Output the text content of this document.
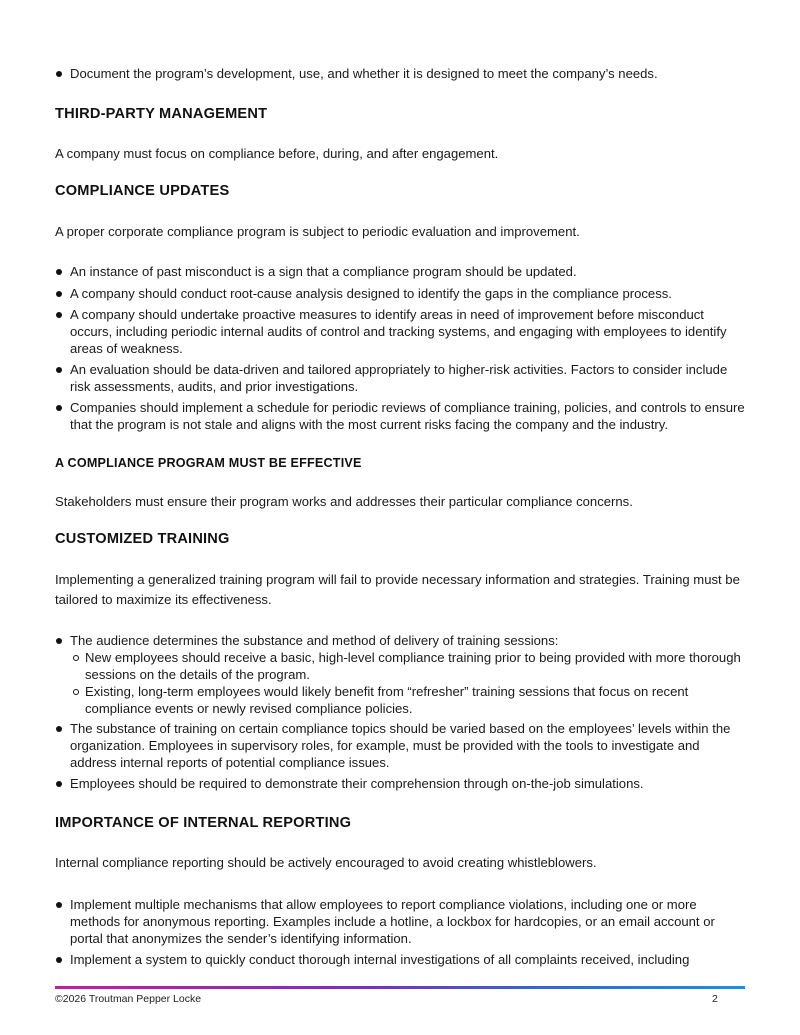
Document the program’s development, use, and whether it is designed to meet the company’s needs.
THIRD-PARTY MANAGEMENT
A company must focus on compliance before, during, and after engagement.
COMPLIANCE UPDATES
A proper corporate compliance program is subject to periodic evaluation and improvement.
An instance of past misconduct is a sign that a compliance program should be updated.
A company should conduct root-cause analysis designed to identify the gaps in the compliance process.
A company should undertake proactive measures to identify areas in need of improvement before misconduct occurs, including periodic internal audits of control and tracking systems, and engaging with employees to identify areas of weakness.
An evaluation should be data-driven and tailored appropriately to higher-risk activities. Factors to consider include risk assessments, audits, and prior investigations.
Companies should implement a schedule for periodic reviews of compliance training, policies, and controls to ensure that the program is not stale and aligns with the most current risks facing the company and the industry.
A COMPLIANCE PROGRAM MUST BE EFFECTIVE
Stakeholders must ensure their program works and addresses their particular compliance concerns.
CUSTOMIZED TRAINING
Implementing a generalized training program will fail to provide necessary information and strategies. Training must be tailored to maximize its effectiveness.
The audience determines the substance and method of delivery of training sessions:
New employees should receive a basic, high-level compliance training prior to being provided with more thorough sessions on the details of the program.
Existing, long-term employees would likely benefit from “refresher” training sessions that focus on recent compliance events or newly revised compliance policies.
The substance of training on certain compliance topics should be varied based on the employees’ levels within the organization. Employees in supervisory roles, for example, must be provided with the tools to investigate and address internal reports of potential compliance issues.
Employees should be required to demonstrate their comprehension through on-the-job simulations.
IMPORTANCE OF INTERNAL REPORTING
Internal compliance reporting should be actively encouraged to avoid creating whistleblowers.
Implement multiple mechanisms that allow employees to report compliance violations, including one or more methods for anonymous reporting. Examples include a hotline, a lockbox for hardcopies, or an email account or portal that anonymizes the sender’s identifying information.
Implement a system to quickly conduct thorough internal investigations of all complaints received, including
©2026 Troutman Pepper Locke	2
